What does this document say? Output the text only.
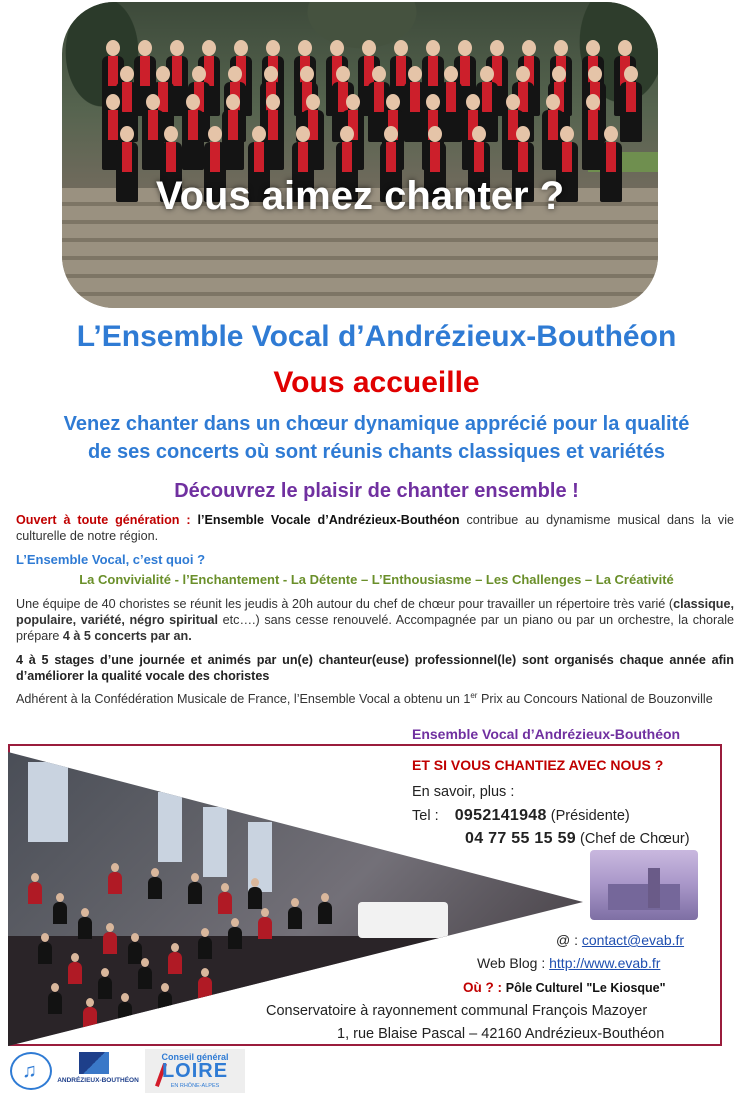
Vous aimez chanter ?
L’Ensemble Vocal d’Andrézieux-Bouthéon
Vous accueille
Venez chanter dans un chœur dynamique apprécié pour la qualité
de ses concerts où sont réunis chants classiques et variétés
Découvrez le plaisir de chanter ensemble !
Ouvert à toute génération : l’Ensemble Vocale d’Andrézieux-Bouthéon contribue au dynamisme musical dans la vie culturelle de notre région.
L’Ensemble Vocal, c’est quoi ?
La Convivialité - l’Enchantement - La Détente – L’Enthousiasme – Les Challenges – La Créativité
Une équipe de 40 choristes se réunit les jeudis à 20h autour du chef de chœur pour travailler un répertoire très varié (classique, populaire, variété, négro spiritual etc….) sans cesse renouvelé. Accompagnée par un piano ou par un orchestre, la chorale prépare 4 à 5 concerts par an.
4 à 5 stages d’une journée et animés par un(e) chanteur(euse) professionnel(le) sont organisés chaque année afin d’améliorer la qualité vocale des choristes
Adhérent à la Confédération Musicale de France, l’Ensemble Vocal a obtenu un 1er Prix au Concours National de Bouzonville
Ensemble Vocal d’Andrézieux-Bouthéon
ET SI VOUS CHANTIEZ AVEC NOUS ?
En savoir, plus :
Tel : 0952141948 (Présidente)
04 77 55 15 59 (Chef de Chœur)
@ : contact@evab.fr
Web Blog : http://www.evab.fr
Où ? : Pôle Culturel "Le Kiosque"
Conservatoire à rayonnement communal François Mazoyer
1, rue Blaise Pascal – 42160 Andrézieux-Bouthéon
♫	ANDRÉZIEUX-BOUTHÉON
Conseil général
LOIRE
EN RHÔNE-ALPES
